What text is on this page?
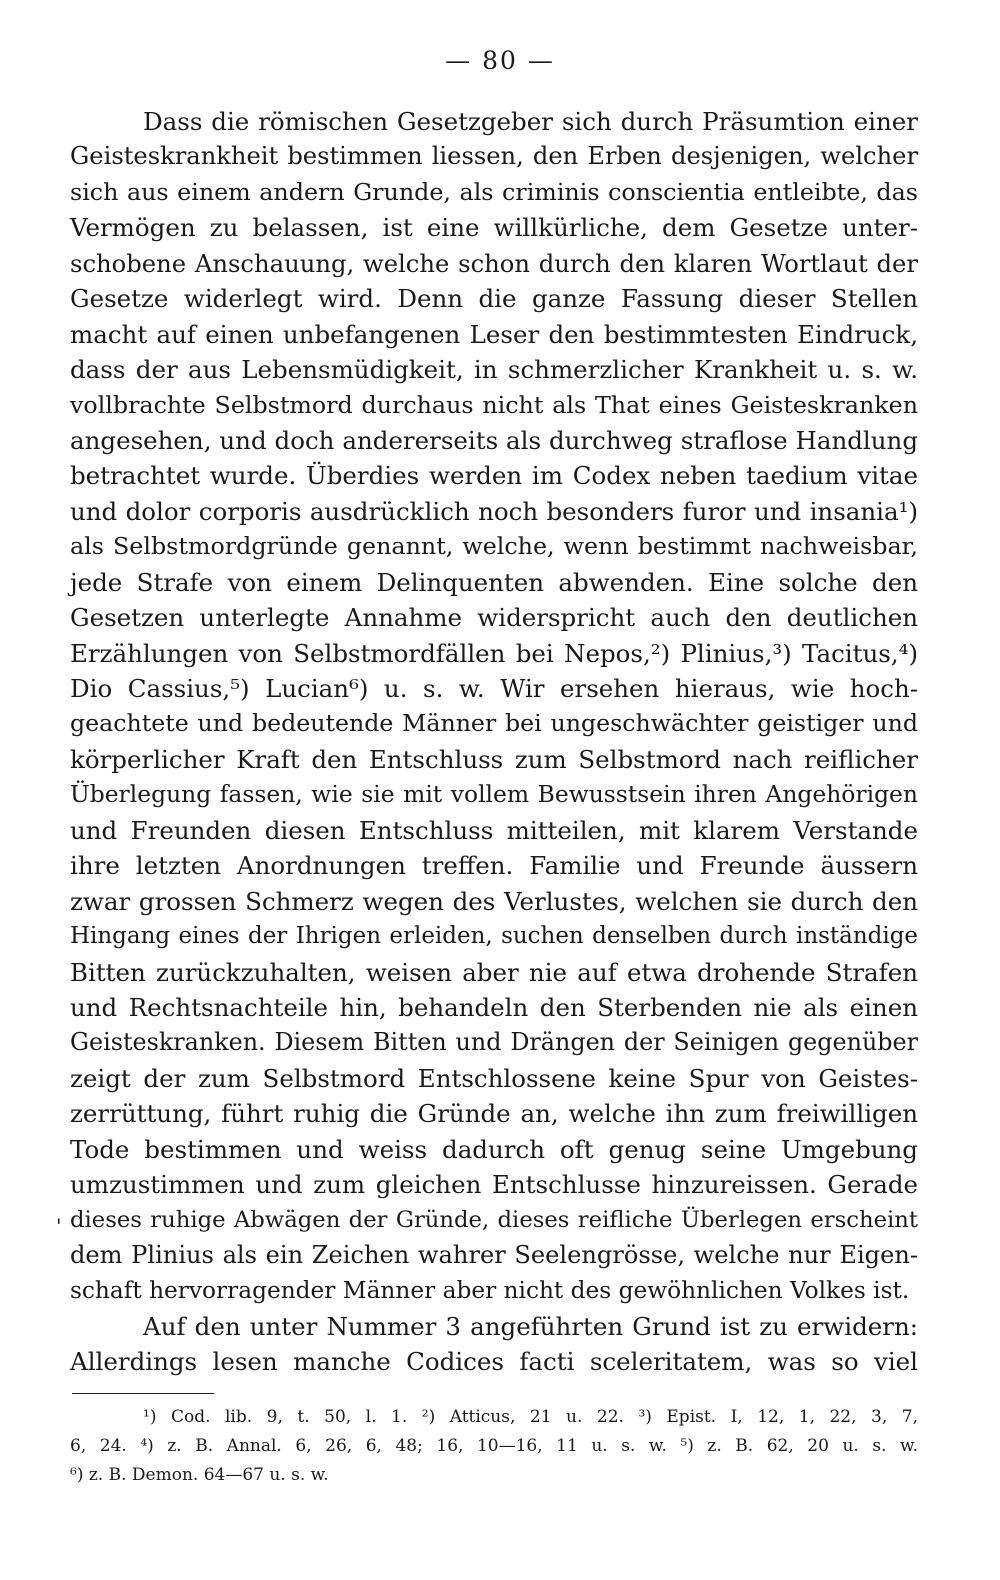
— 80 —
'
Dass die römischen Gesetzgeber sich durch Präsumtion einer
Geisteskrankheit bestimmen liessen, den Erben desjenigen, welcher
sich aus einem andern Grunde, als criminis conscientia entleibte, das
Vermögen zu belassen, ist eine willkürliche, dem Gesetze unter-
schobene Anschauung, welche schon durch den klaren Wortlaut der
Gesetze widerlegt wird. Denn die ganze Fassung dieser Stellen
macht auf einen unbefangenen Leser den bestimmtesten Eindruck,
dass der aus Lebensmüdigkeit, in schmerzlicher Krankheit u. s. w.
vollbrachte Selbstmord durchaus nicht als That eines Geisteskranken
angesehen, und doch andererseits als durchweg straflose Handlung
betrachtet wurde. Überdies werden im Codex neben taedium vitae
und dolor corporis ausdrücklich noch besonders furor und insania¹)
als Selbstmordgründe genannt, welche, wenn bestimmt nachweisbar,
jede Strafe von einem Delinquenten abwenden. Eine solche den
Gesetzen unterlegte Annahme widerspricht auch den deutlichen
Erzählungen von Selbstmordfällen bei Nepos,²) Plinius,³) Tacitus,⁴)
Dio Cassius,⁵) Lucian⁶) u. s. w. Wir ersehen hieraus, wie hoch-
geachtete und bedeutende Männer bei ungeschwächter geistiger und
körperlicher Kraft den Entschluss zum Selbstmord nach reiflicher
Überlegung fassen, wie sie mit vollem Bewusstsein ihren Angehörigen
und Freunden diesen Entschluss mitteilen, mit klarem Verstande
ihre letzten Anordnungen treffen. Familie und Freunde äussern
zwar grossen Schmerz wegen des Verlustes, welchen sie durch den
Hingang eines der Ihrigen erleiden, suchen denselben durch inständige
Bitten zurückzuhalten, weisen aber nie auf etwa drohende Strafen
und Rechtsnachteile hin, behandeln den Sterbenden nie als einen
Geisteskranken. Diesem Bitten und Drängen der Seinigen gegenüber
zeigt der zum Selbstmord Entschlossene keine Spur von Geistes-
zerrüttung, führt ruhig die Gründe an, welche ihn zum freiwilligen
Tode bestimmen und weiss dadurch oft genug seine Umgebung
umzustimmen und zum gleichen Entschlusse hinzureissen. Gerade
dieses ruhige Abwägen der Gründe, dieses reifliche Überlegen erscheint
dem Plinius als ein Zeichen wahrer Seelengrösse, welche nur Eigen-
schaft hervorragender Männer aber nicht des gewöhnlichen Volkes ist.
Auf den unter Nummer 3 angeführten Grund ist zu erwidern:
Allerdings lesen manche Codices facti sceleritatem, was so viel
¹) Cod. lib. 9, t. 50, l. 1. ²) Atticus, 21 u. 22. ³) Epist. I, 12, 1, 22, 3, 7,
6, 24. ⁴) z. B. Annal. 6, 26, 6, 48; 16, 10—16, 11 u. s. w. ⁵) z. B. 62, 20 u. s. w.
⁶) z. B. Demon. 64—67 u. s. w.
